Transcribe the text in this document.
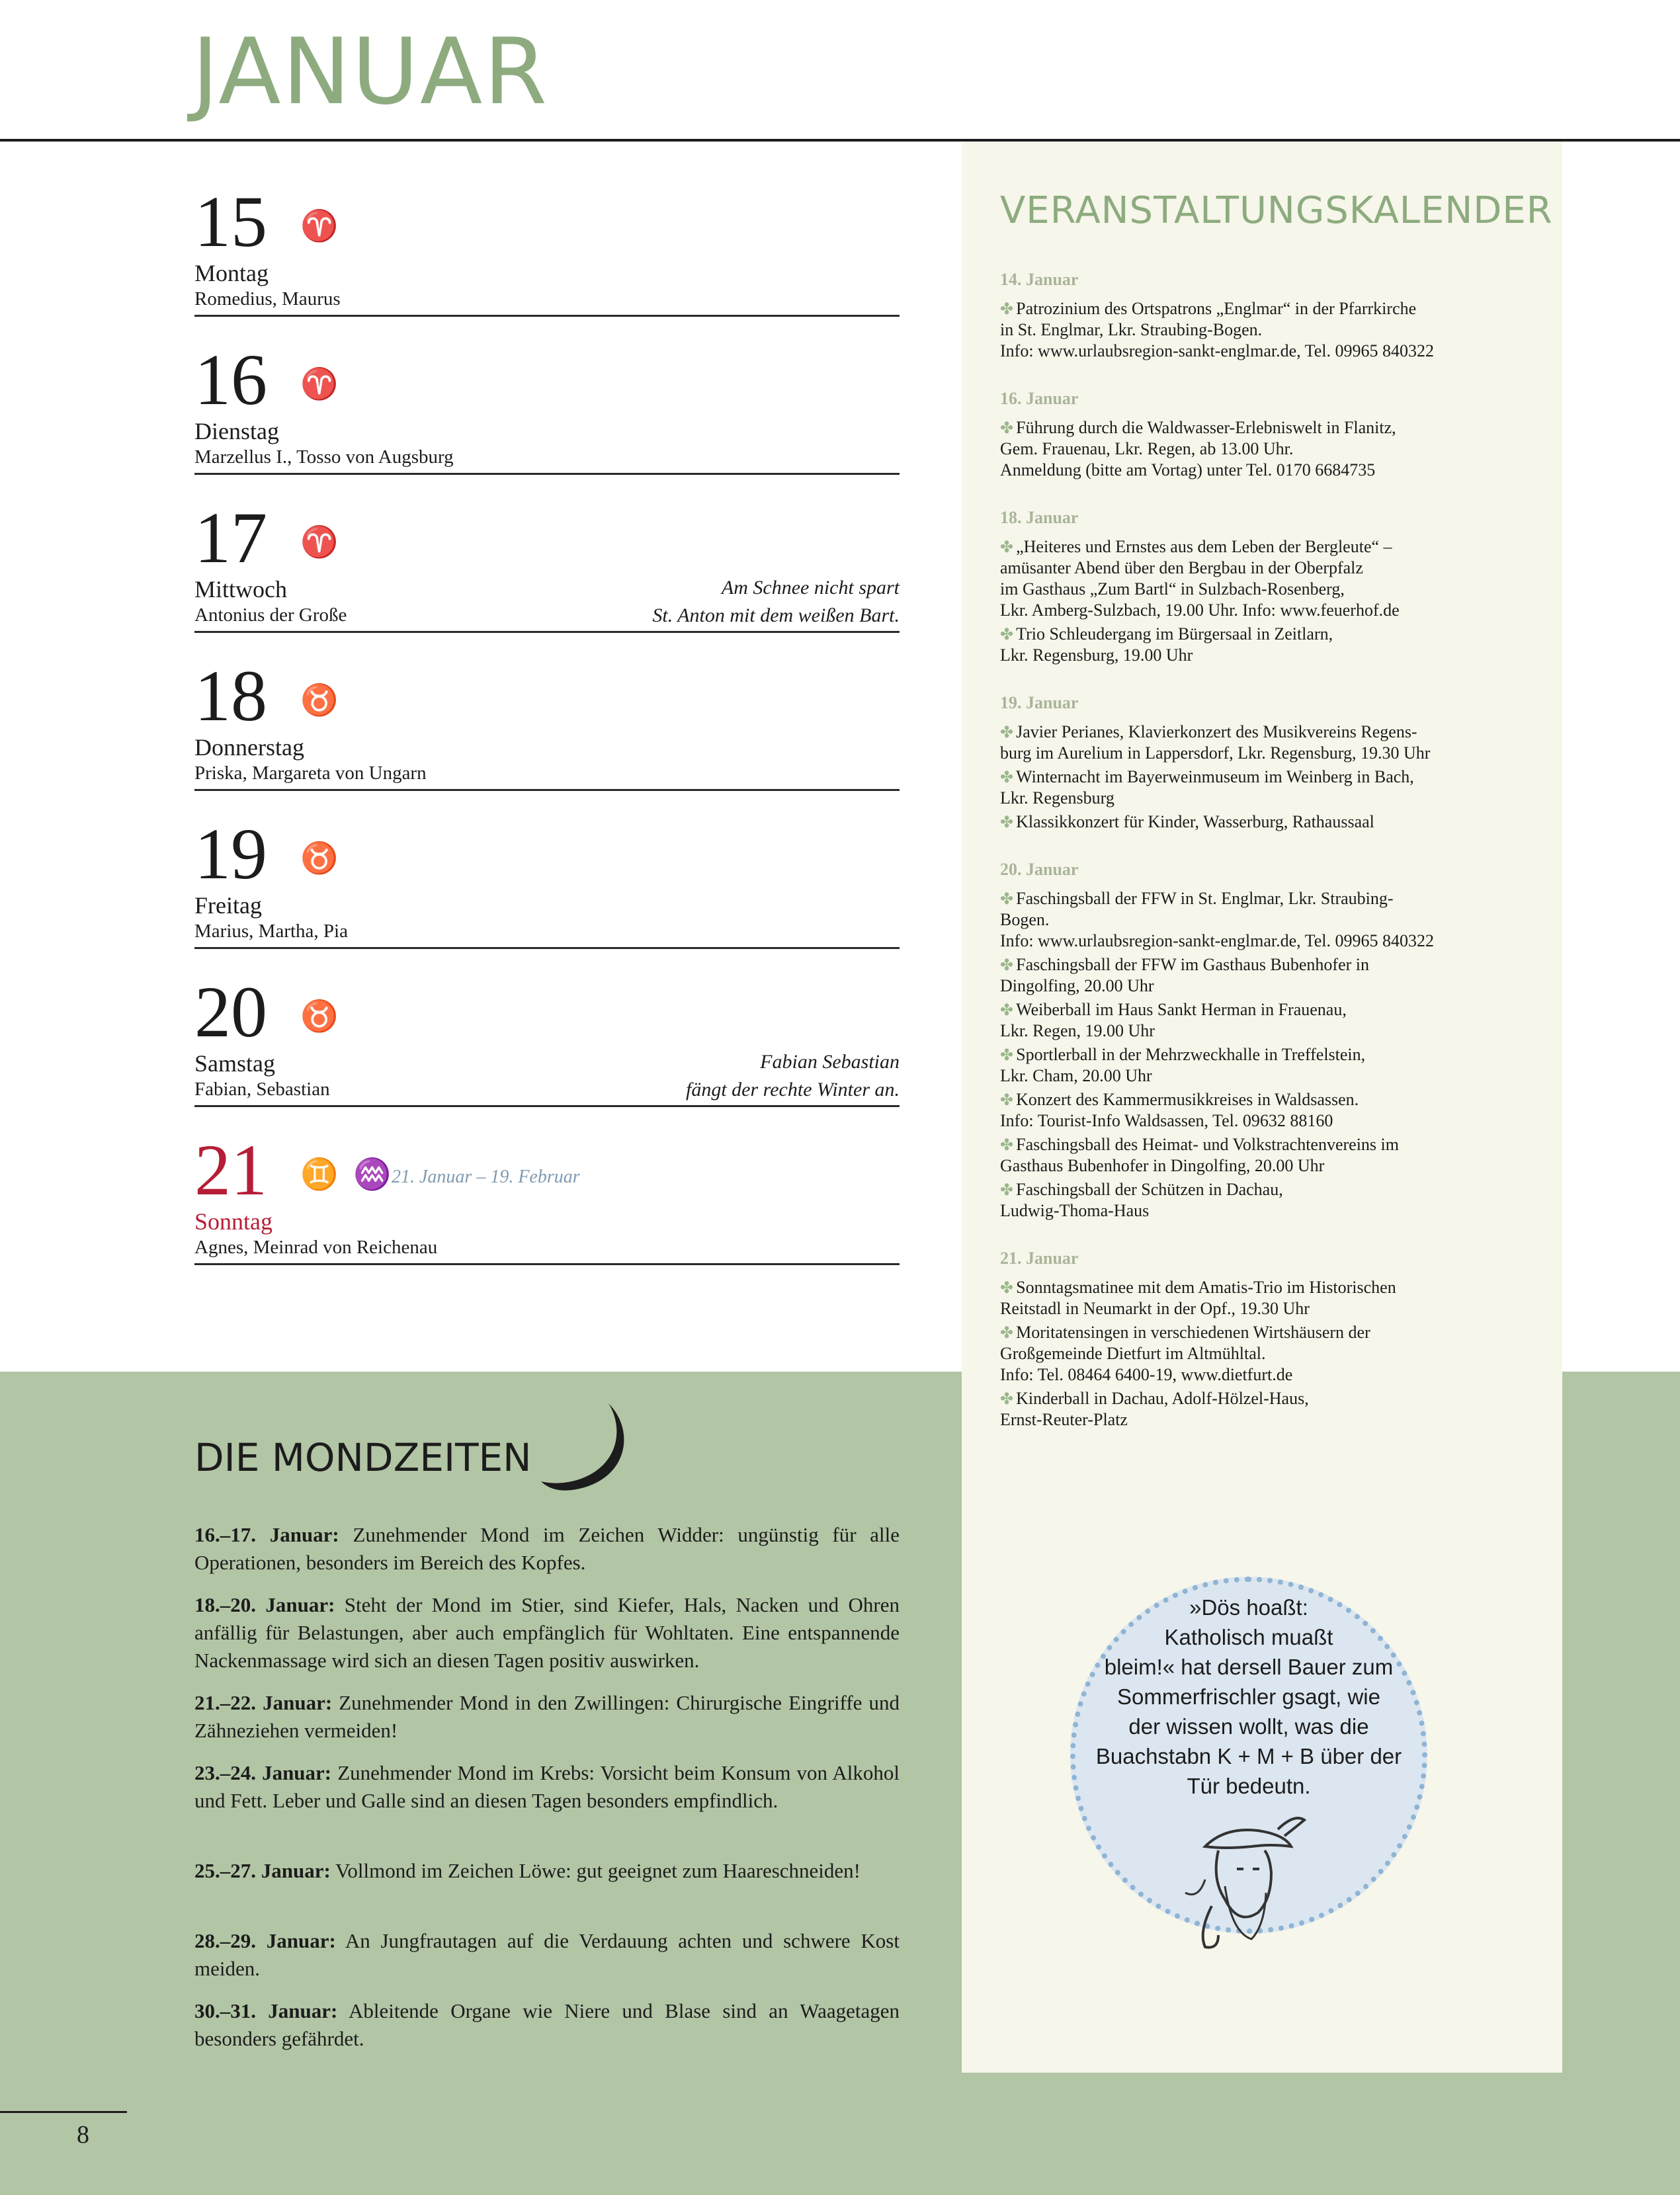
JANUAR
15 ♈
Montag
Romedius, Maurus
16 ♈
Dienstag
Marzellus I., Tosso von Augsburg
17 ♈
Mittwoch
Antonius der Große
Am Schnee nicht spart
St. Anton mit dem weißen Bart.
18 ♉
Donnerstag
Priska, Margareta von Ungarn
19 ♉
Freitag
Marius, Martha, Pia
20 ♉
Samstag
Fabian, Sebastian
Fabian Sebastian
fängt der rechte Winter an.
21 ♊ ♒ 21. Januar – 19. Februar
Sonntag
Agnes, Meinrad von Reichenau
VERANSTALTUNGSKALENDER
14. Januar
✤ Patrozinium des Ortspatrons „Englmar“ in der Pfarrkirche
in St. Englmar, Lkr. Straubing-Bogen.
Info: www.urlaubsregion-sankt-englmar.de, Tel. 09965 840322
16. Januar
✤ Führung durch die Waldwasser-Erlebniswelt in Flanitz,
Gem. Frauenau, Lkr. Regen, ab 13.00 Uhr.
Anmeldung (bitte am Vortag) unter Tel. 0170 6684735
18. Januar
✤ „Heiteres und Ernstes aus dem Leben der Bergleute“ –
amüsanter Abend über den Bergbau in der Oberpfalz
im Gasthaus „Zum Bartl“ in Sulzbach-Rosenberg,
Lkr. Amberg-Sulzbach, 19.00 Uhr. Info: www.feuerhof.de
✤ Trio Schleudergang im Bürgersaal in Zeitlarn,
Lkr. Regensburg, 19.00 Uhr
19. Januar
✤ Javier Perianes, Klavierkonzert des Musikvereins Regens-
burg im Aurelium in Lappersdorf, Lkr. Regensburg, 19.30 Uhr
✤ Winternacht im Bayerweinmuseum im Weinberg in Bach,
Lkr. Regensburg
✤ Klassikkonzert für Kinder, Wasserburg, Rathaussaal
20. Januar
✤ Faschingsball der FFW in St. Englmar, Lkr. Straubing-
Bogen.
Info: www.urlaubsregion-sankt-englmar.de, Tel. 09965 840322
✤ Faschingsball der FFW im Gasthaus Bubenhofer in
Dingolfing, 20.00 Uhr
✤ Weiberball im Haus Sankt Herman in Frauenau,
Lkr. Regen, 19.00 Uhr
✤ Sportlerball in der Mehrzweckhalle in Treffelstein,
Lkr. Cham, 20.00 Uhr
✤ Konzert des Kammermusikkreises in Waldsassen.
Info: Tourist-Info Waldsassen, Tel. 09632 88160
✤ Faschingsball des Heimat- und Volkstrachtenvereins im
Gasthaus Bubenhofer in Dingolfing, 20.00 Uhr
✤ Faschingsball der Schützen in Dachau,
Ludwig-Thoma-Haus
21. Januar
✤ Sonntagsmatinee mit dem Amatis-Trio im Historischen
Reitstadl in Neumarkt in der Opf., 19.30 Uhr
✤ Moritatensingen in verschiedenen Wirtshäusern der
Großgemeinde Dietfurt im Altmühltal.
Info: Tel. 08464 6400-19, www.dietfurt.de
✤ Kinderball in Dachau, Adolf-Hölzel-Haus,
Ernst-Reuter-Platz
DIE MONDZEITEN
16.–17. Januar: Zunehmender Mond im Zeichen Widder: ungünstig für alle Operationen, besonders im Bereich des Kopfes.
18.–20. Januar: Steht der Mond im Stier, sind Kiefer, Hals, Nacken und Ohren anfällig für Belastungen, aber auch empfänglich für Wohltaten. Eine entspannende Nackenmassage wird sich an diesen Tagen positiv auswirken.
21.–22. Januar: Zunehmender Mond in den Zwillingen: Chirurgische Eingriffe und Zähneziehen vermeiden!
23.–24. Januar: Zunehmender Mond im Krebs: Vorsicht beim Konsum von Alkohol und Fett. Leber und Galle sind an diesen Tagen besonders empfindlich.
25.–27. Januar: Vollmond im Zeichen Löwe: gut geeignet zum Haareschneiden!
28.–29. Januar: An Jungfrautagen auf die Verdauung achten und schwere Kost meiden.
30.–31. Januar: Ableitende Organe wie Niere und Blase sind an Waagetagen besonders gefährdet.
»Dös hoaßt:
Katholisch muaßt
bleim!« hat dersell Bauer zum
Sommerfrischler gsagt, wie
der wissen wollt, was die
Buachstabn K + M + B über der
Tür bedeutn.
8
